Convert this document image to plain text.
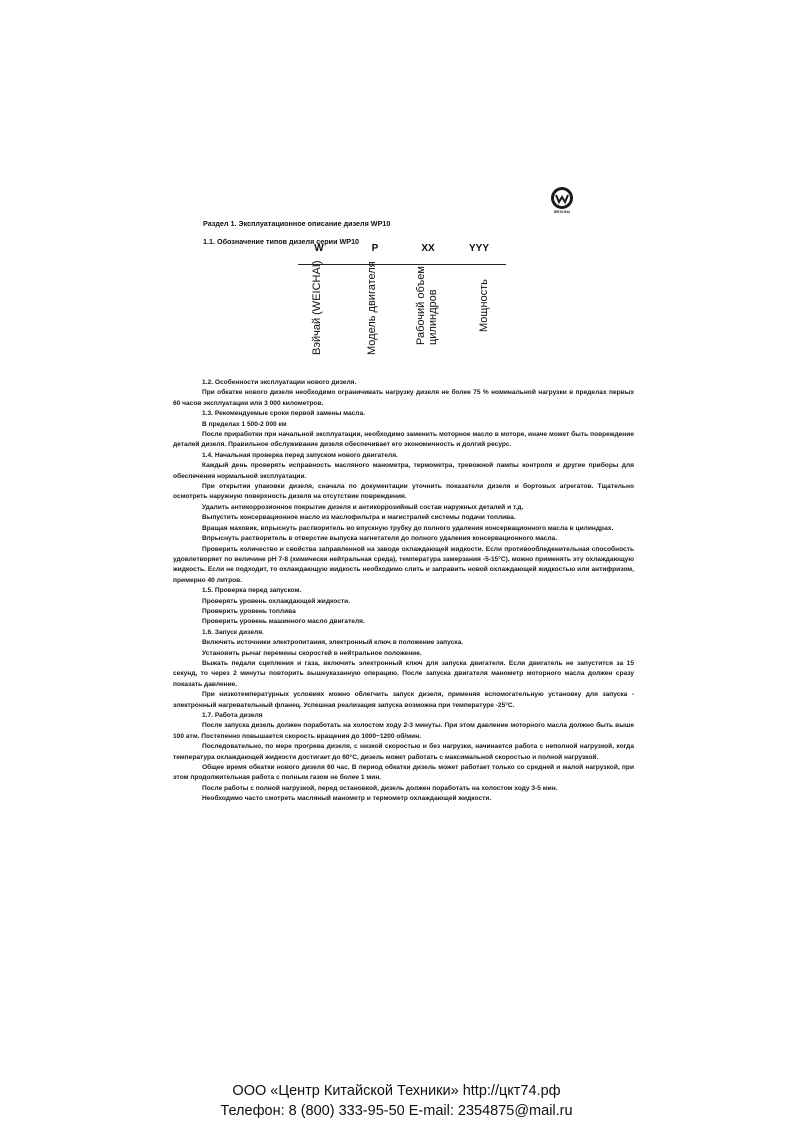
WEICHAI
Раздел 1. Эксплуатационное описание дизеля WP10
1.1. Обозначение типов дизеля серии WP10
W	P	XX	YYY
Вэйчай (WEICHAI)	Модель двигателя	Рабочий объем цилиндров	Мощность

1.2. Особенности эксплуатации нового дизеля.

При обкатке нового дизеля необходимо ограничивать нагрузку дизеля не более 75 % номинальной нагрузки в пределах первых 60 часов эксплуатации или 3 000 километров.

1.3. Рекомендуемые сроки первой замены масла.

В пределах 1 500-2 000 км

После приработки при начальной эксплуатации, необходимо заменить моторное масло в моторе, иначе может быть повреждение деталей дизеля. Правильное обслуживание дизеля обеспечивает его экономичность и долгий ресурс.

1.4. Начальная проверка перед запуском нового двигателя.

Каждый день проверять исправность масляного манометра, термометра, тревожной лампы контроля и другие приборы для обеспечения нормальной эксплуатации.

При открытии упаковки дизеля, сначала по документации уточнить показатели дизеля и бортовых агрегатов. Тщательно осмотреть наружную поверхность дизеля на отсутствие повреждения.

Удалить антикоррозионное покрытие дизеля и антикоррозийный состав наружных деталей и т.д.

Выпустить консервационное масло из маслофильтра и магистралей системы подачи топлива.

Вращая маховик, впрыснуть растворитель во впускную трубку до полного удаления консервационного масла в цилиндрах.

Впрыснуть растворитель в отверстие выпуска нагнетателя до полного удаления консервационного масла.

Проверить количество и свойства заправленной на заводе охлаждающей жидкости. Если противообледенительная способность удовлетворяет по величине pH 7-8 (химически нейтральная среда), температура замерзания -5-15°С), можно применять эту охлаждающую жидкость. Если не подходит, то охлаждающую жидкость необходимо слить и заправить новой охлаждающей жидкостью или антифризом, примерно 40 литров.

1.5. Проверка перед запуском.

Проверять уровень охлаждающей жидкости.

Проверить уровень топлива

Проверить уровень машинного масло двигателя.

1.6. Запуск дизеля.

Включить источники электропитания, электронный ключ в положение запуска.

Установить рычаг перемены скоростей в нейтральное положение.

Выжать педали сцепления и газа, включить электронный ключ для запуска двигателя. Если двигатель не запустится за 15 секунд, то через 2 минуты повторить вышеуказанную операцию. После запуска двигателя манометр моторного масла должен сразу показать давление.

При низкотемпературных условиях можно облегчить запуск дизеля, применяя вспомогательную установку для запуска - электронный нагревательный фланец. Успешная реализация запуска возможна при температуре -25°С.

1.7. Работа дизеля

После запуска дизель должен поработать на холостом ходу 2-3 минуты. При этом давление моторного масла должно быть выше 100 атм. Постепенно повышается скорость вращения до 1000~1200 об/мин.

Последовательно, по мере прогрева дизеля, с низкой скоростью и без нагрузки, начинается работа с неполной нагрузкой, когда температура охлаждающей жидкости достигает до 60°С, дизель может работать с максимальной скоростью и полной нагрузкой.

Общее время обкатки нового дизеля 60 час. В период обкатки дизель может работает только со средней и малой нагрузкой, при этом продолжительная работа с полным газом не более 1 мин.

После работы с полной нагрузкой, перед остановкой, дизель должен поработать на холостом ходу 3-5 мин.

Необходимо часто смотреть масляный манометр и термометр охлаждающей жидкости.

ООО «Центр Китайской Техники» http://цкт74.рф
Телефон: 8 (800) 333-95-50 E-mail: 2354875@mail.ru
